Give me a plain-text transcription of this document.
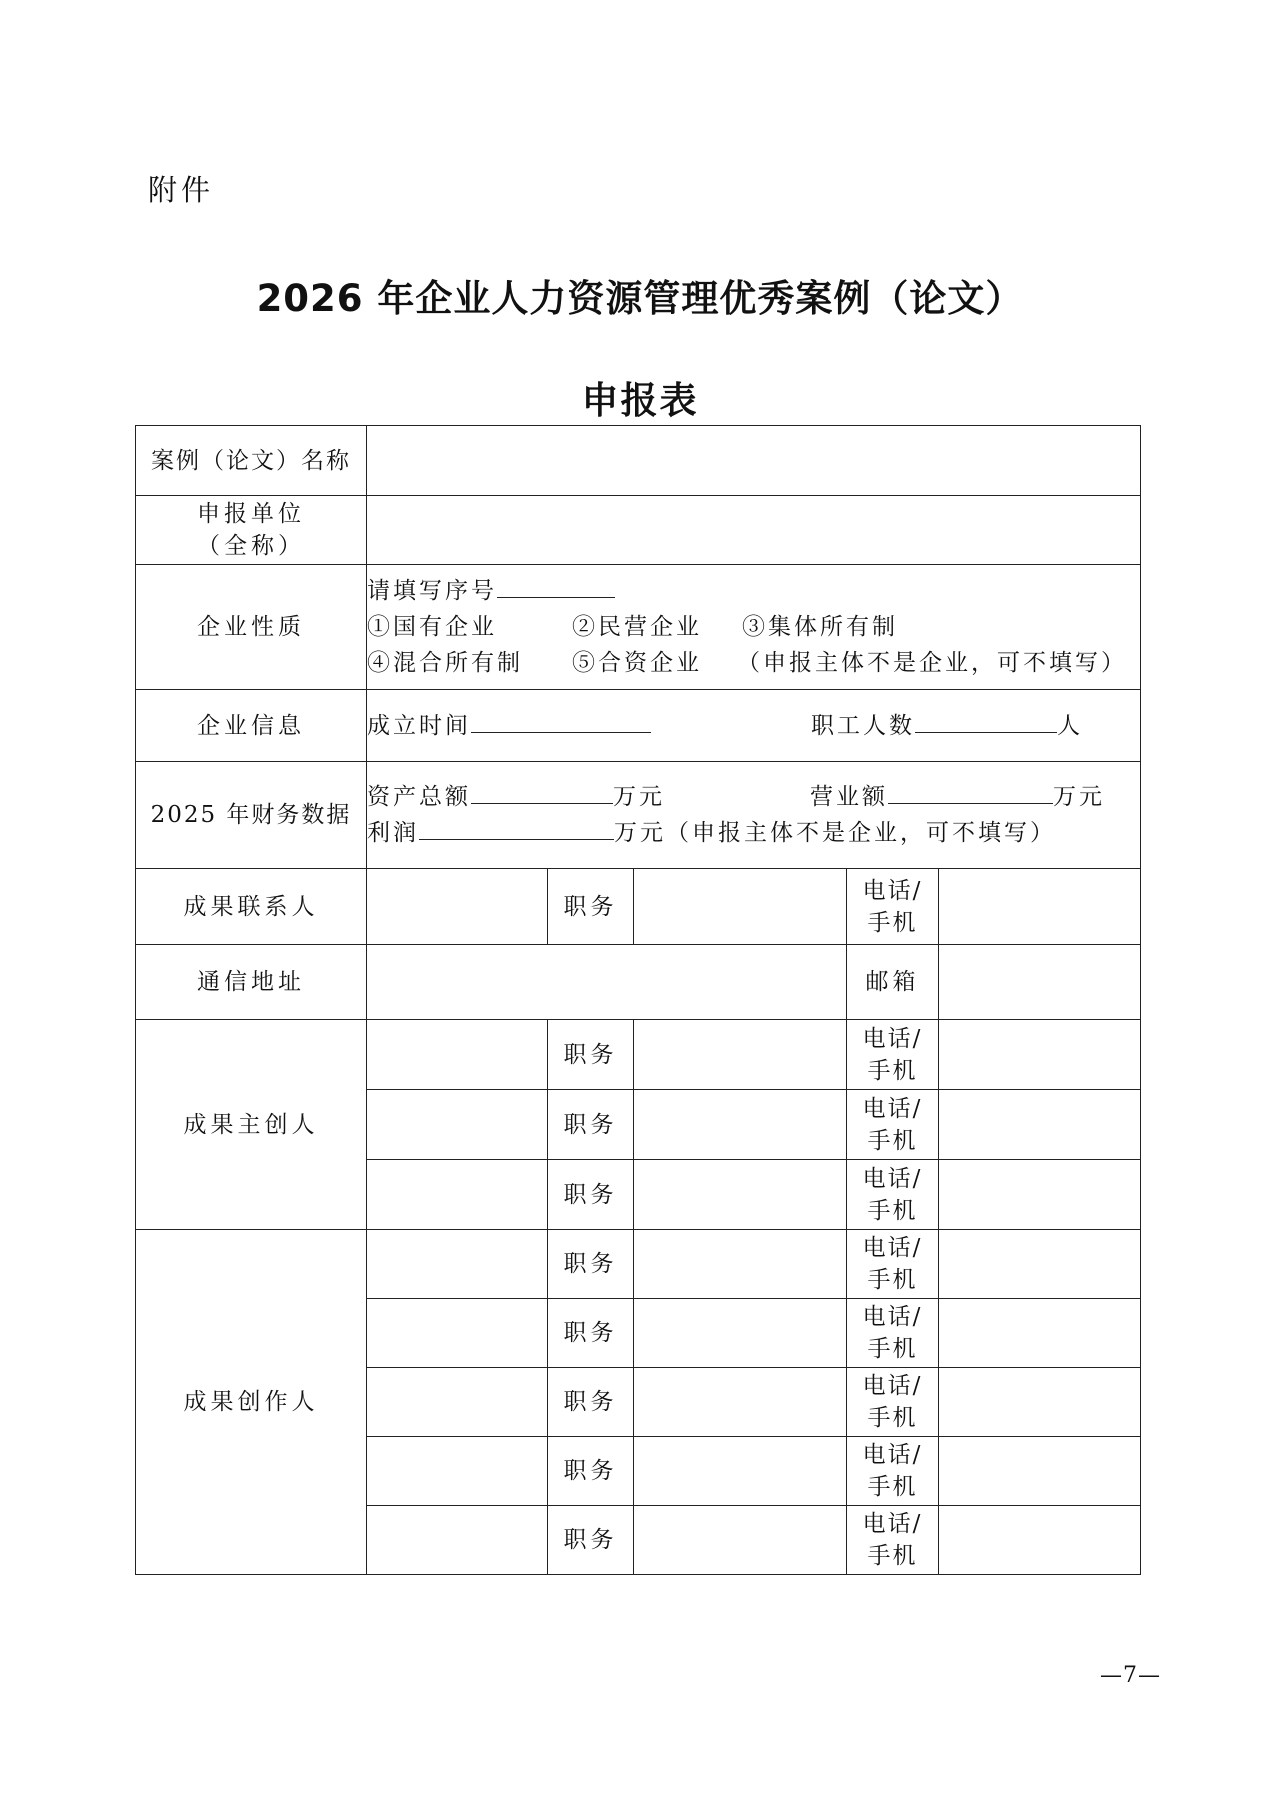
附件
2026 年企业人力资源管理优秀案例（论文）
申报表
案例（论文）名称					

申报单位
（全称）					

企业性质	请填写序号
①国有企业 ②民营企业 ③集体所有制
④混合所有制 ⑤合资企业 （申报主体不是企业，可不填写）				

企业信息	成立时间 职工人数 人				

2025 年财务数据	资产总额 万元 营业额 万元
利润 万元（申报主体不是企业，可不填写）				

成果联系人		职务		电话/
手机	

通信地址				邮箱	
成果主创人		职务		电话/
手机	

		职务		电话/
手机	

		职务		电话/
手机	

成果创作人		职务		电话/
手机	

		职务		电话/
手机	

		职务		电话/
手机	

		职务		电话/
手机	

		职务		电话/
手机	

—7—
